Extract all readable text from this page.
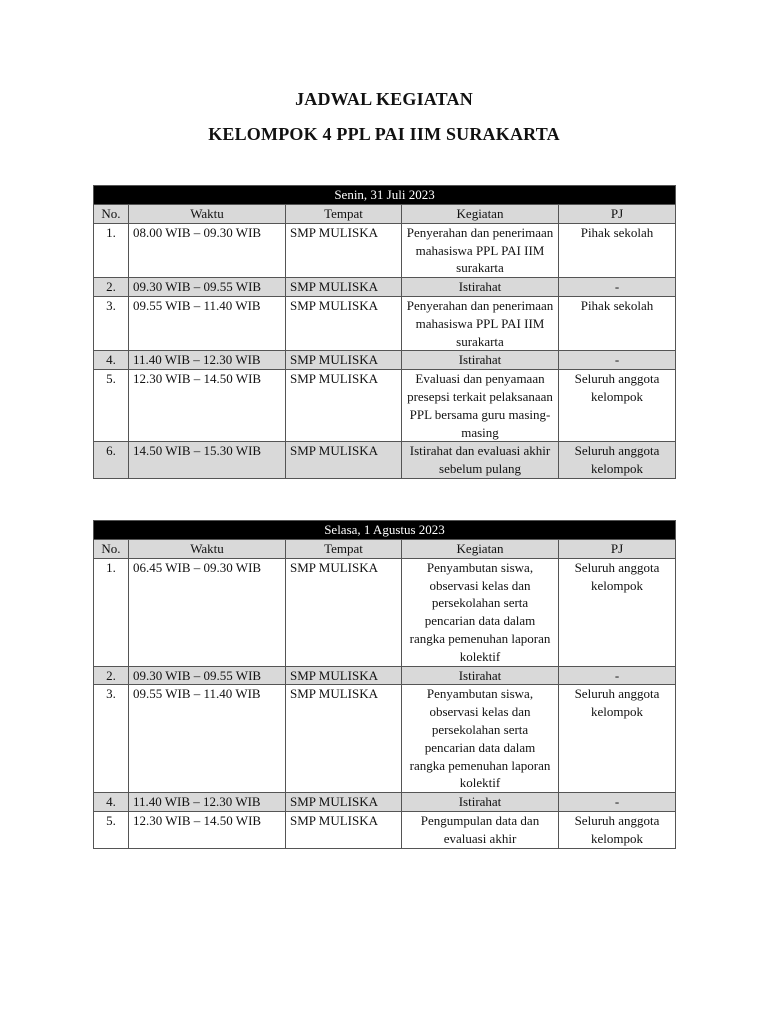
JADWAL KEGIATAN
KELOMPOK 4 PPL PAI IIM SURAKARTA
Senin, 31 Juli 2023				
No.	Waktu	Tempat	Kegiatan	PJ
1.	08.00 WIB – 09.30 WIB	SMP MULISKA	Penyerahan dan penerimaan mahasiswa PPL PAI IIM surakarta	Pihak sekolah
2.	09.30 WIB – 09.55 WIB	SMP MULISKA	Istirahat	-
3.	09.55 WIB – 11.40 WIB	SMP MULISKA	Penyerahan dan penerimaan mahasiswa PPL PAI IIM surakarta	Pihak sekolah
4.	11.40 WIB – 12.30 WIB	SMP MULISKA	Istirahat	-
5.	12.30 WIB – 14.50 WIB	SMP MULISKA	Evaluasi dan penyamaan presepsi terkait pelaksanaan PPL bersama guru masing-masing	Seluruh anggota kelompok
6.	14.50 WIB – 15.30 WIB	SMP MULISKA	Istirahat dan evaluasi akhir sebelum pulang	Seluruh anggota kelompok
Selasa, 1 Agustus 2023				
No.	Waktu	Tempat	Kegiatan	PJ
1.	06.45 WIB – 09.30 WIB	SMP MULISKA	Penyambutan siswa, observasi kelas dan persekolahan serta pencarian data dalam rangka pemenuhan laporan kolektif	Seluruh anggota kelompok
2.	09.30 WIB – 09.55 WIB	SMP MULISKA	Istirahat	-
3.	09.55 WIB – 11.40 WIB	SMP MULISKA	Penyambutan siswa, observasi kelas dan persekolahan serta pencarian data dalam rangka pemenuhan laporan kolektif	Seluruh anggota kelompok
4.	11.40 WIB – 12.30 WIB	SMP MULISKA	Istirahat	-
5.	12.30 WIB – 14.50 WIB	SMP MULISKA	Pengumpulan data dan evaluasi akhir	Seluruh anggota kelompok
